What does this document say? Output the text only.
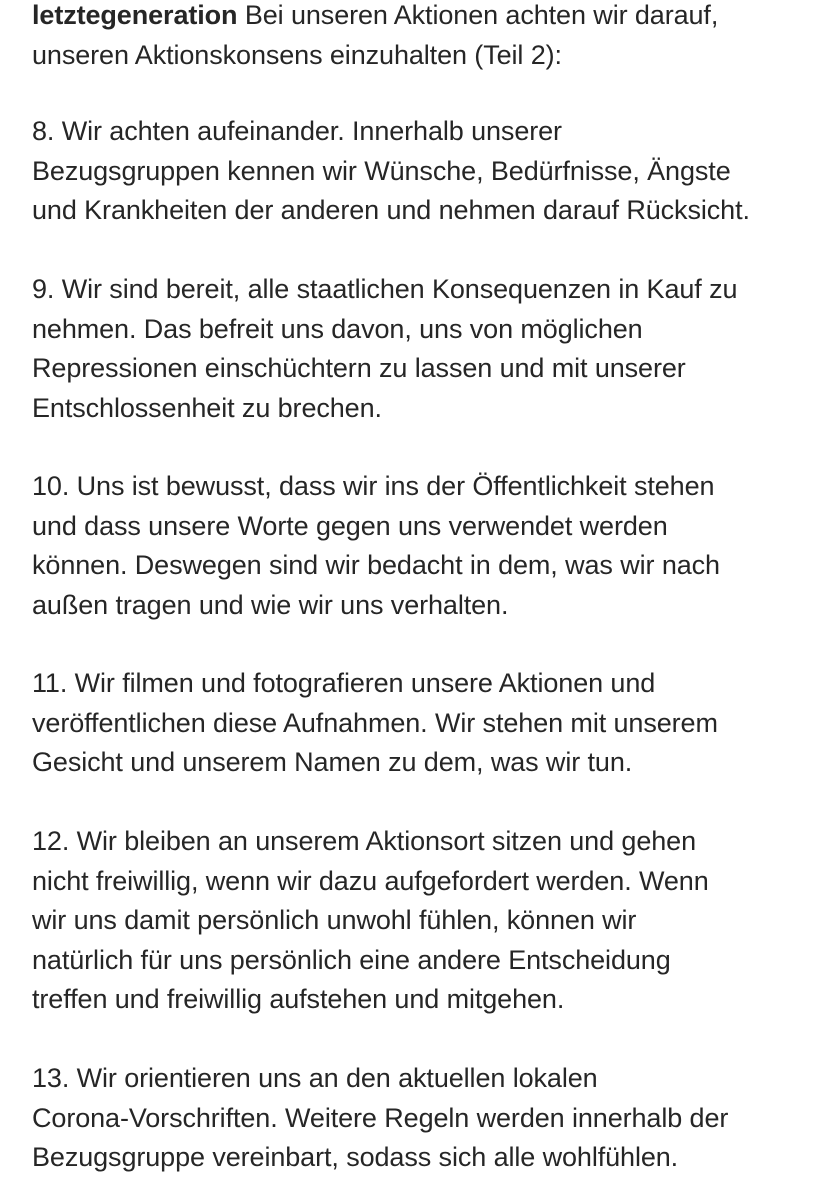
letztegeneration Bei unseren Aktionen achten wir darauf,
unseren Aktionskonsens einzuhalten (Teil 2):

8. Wir achten aufeinander. Innerhalb unserer
Bezugsgruppen kennen wir Wünsche, Bedürfnisse, Ängste
und Krankheiten der anderen und nehmen darauf Rücksicht.

9. Wir sind bereit, alle staatlichen Konsequenzen in Kauf zu
nehmen. Das befreit uns davon, uns von möglichen
Repressionen einschüchtern zu lassen und mit unserer
Entschlossenheit zu brechen.

10. Uns ist bewusst, dass wir ins der Öffentlichkeit stehen
und dass unsere Worte gegen uns verwendet werden
können. Deswegen sind wir bedacht in dem, was wir nach
außen tragen und wie wir uns verhalten.

11. Wir filmen und fotografieren unsere Aktionen und
veröffentlichen diese Aufnahmen. Wir stehen mit unserem
Gesicht und unserem Namen zu dem, was wir tun.

12. Wir bleiben an unserem Aktionsort sitzen und gehen
nicht freiwillig, wenn wir dazu aufgefordert werden. Wenn
wir uns damit persönlich unwohl fühlen, können wir
natürlich für uns persönlich eine andere Entscheidung
treffen und freiwillig aufstehen und mitgehen.

13. Wir orientieren uns an den aktuellen lokalen
Corona-Vorschriften. Weitere Regeln werden innerhalb der
Bezugsgruppe vereinbart, sodass sich alle wohlfühlen.
